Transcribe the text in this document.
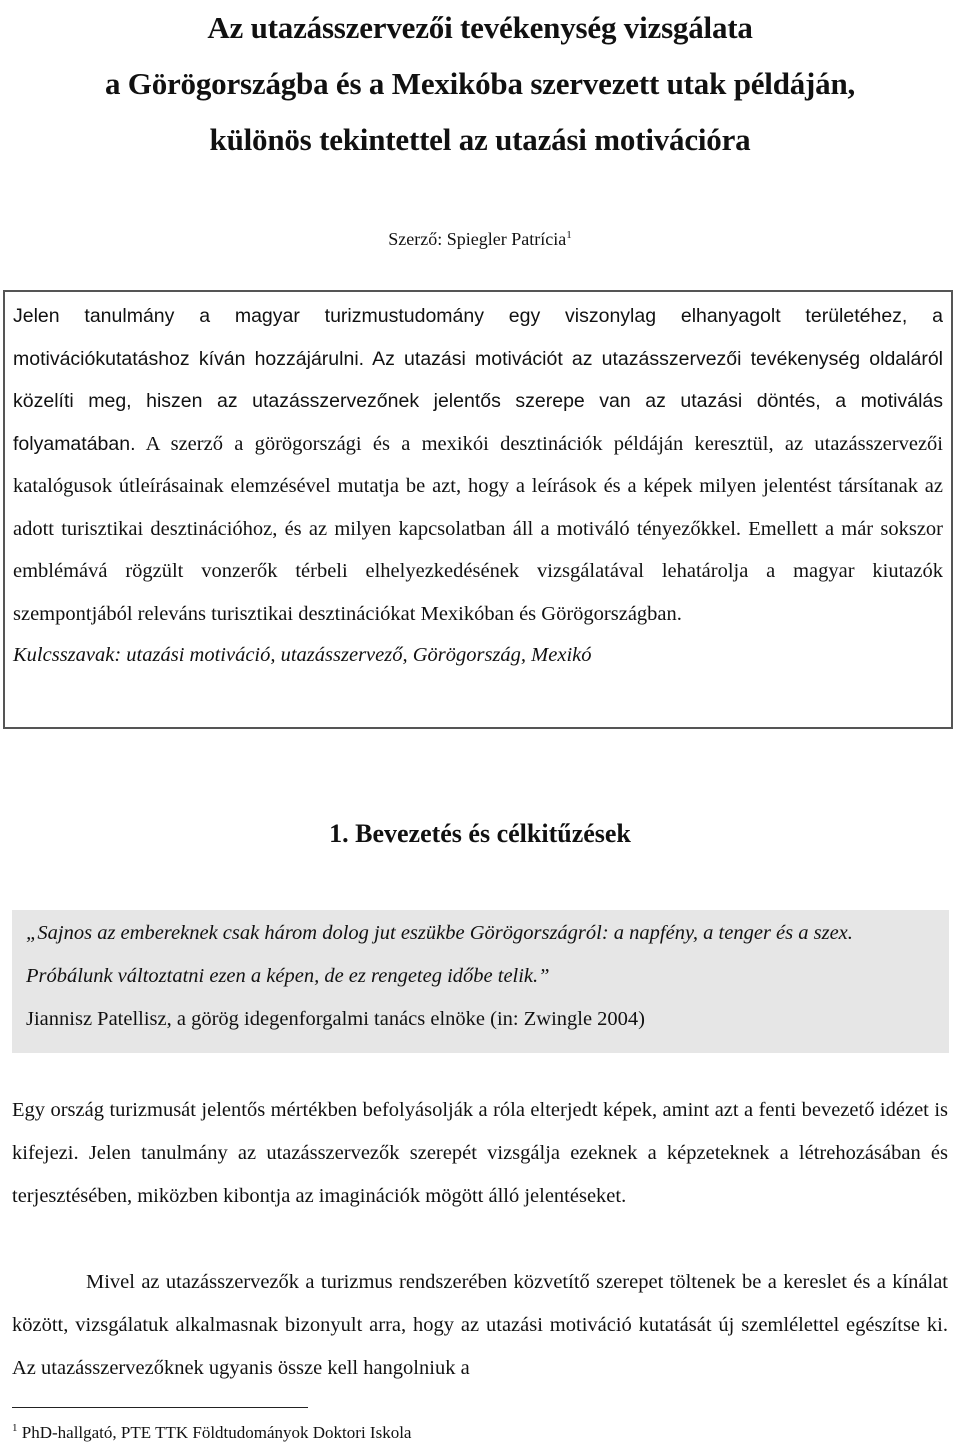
Az utazásszervezői tevékenység vizsgálata
a Görögországba és a Mexikóba szervezett utak példáján,
különös tekintettel az utazási motivációra
Szerző: Spiegler Patrícia$^1$

Jelen tanulmány a magyar turizmustudomány egy viszonylag elhanyagolt területéhez, a motivációkutatáshoz kíván hozzájárulni. Az utazási motivációt az utazásszervezői tevékenység oldaláról közelíti meg, hiszen az utazásszervezőnek jelentős szerepe van az utazási döntés, a motiválás folyamatában. A szerző a görögországi és a mexikói desztinációk példáján keresztül, az utazásszervezői katalógusok útleírásainak elemzésével mutatja be azt, hogy a leírások és a képek milyen jelentést társítanak az adott turisztikai desztinációhoz, és az milyen kapcsolatban áll a motiváló tényezőkkel. Emellett a már sokszor emblémává rögzült vonzerők térbeli elhelyezkedésének vizsgálatával lehatárolja a magyar kiutazók szempontjából releváns turisztikai desztinációkat Mexikóban és Görögországban.

Kulcsszavak: utazási motiváció, utazásszervező, Görögország, Mexikó

1. Bevezetés és célkitűzések

„Sajnos az embereknek csak három dolog jut eszükbe Görögországról: a napfény, a tenger és a szex. Próbálunk változtatni ezen a képen, de ez rengeteg időbe telik.”

Jiannisz Patellisz, a görög idegenforgalmi tanács elnöke (in: Zwingle 2004)

Egy ország turizmusát jelentős mértékben befolyásolják a róla elterjedt képek, amint azt a fenti bevezető idézet is kifejezi. Jelen tanulmány az utazásszervezők szerepét vizsgálja ezeknek a képzeteknek a létrehozásában és terjesztésében, miközben kibontja az imaginációk mögött álló jelentéseket.

Mivel az utazásszervezők a turizmus rendszerében közvetítő szerepet töltenek be a kereslet és a kínálat között, vizsgálatuk alkalmasnak bizonyult arra, hogy az utazási motiváció kutatását új szemlélettel egészítse ki. Az utazásszervezőknek ugyanis össze kell hangolniuk a

$^1$ PhD-hallgató, PTE TTK Földtudományok Doktori Iskola
